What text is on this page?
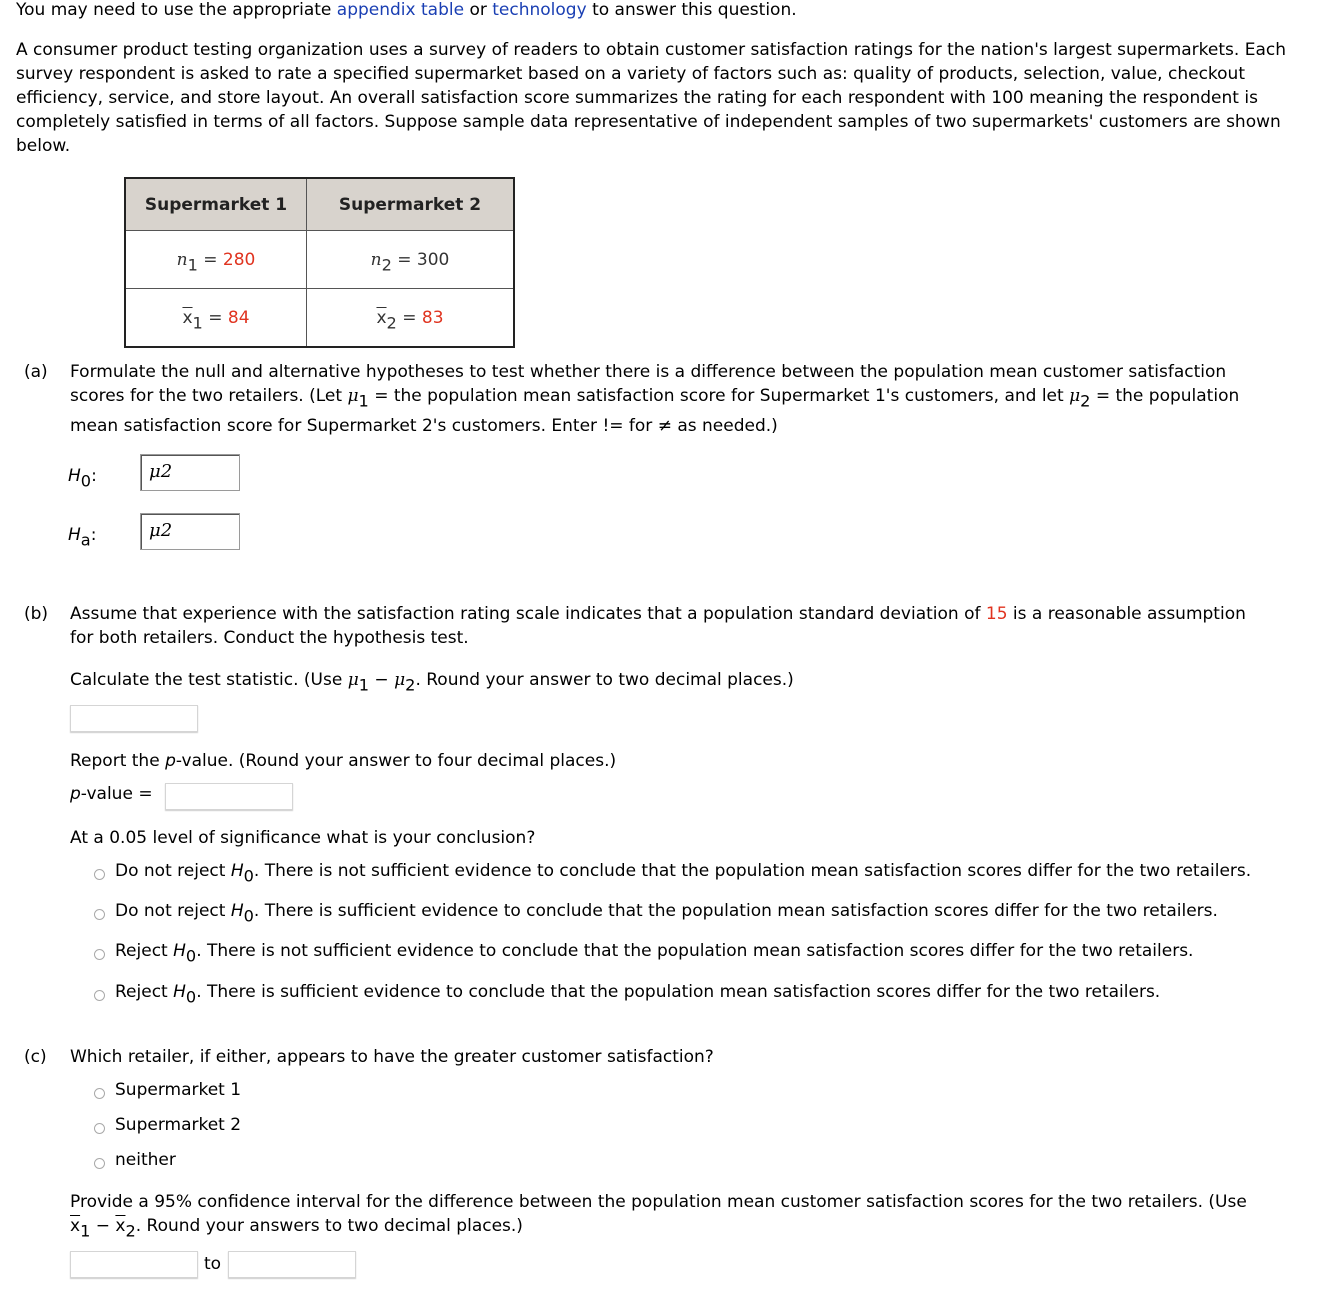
You may need to use the appropriate appendix table or technology to answer this question.
A consumer product testing organization uses a survey of readers to obtain customer satisfaction ratings for the nation's largest supermarkets. Each survey respondent is asked to rate a specified supermarket based on a variety of factors such as: quality of products, selection, value, checkout efficiency, service, and store layout. An overall satisfaction score summarizes the rating for each respondent with 100 meaning the respondent is completely satisfied in terms of all factors. Suppose sample data representative of independent samples of two supermarkets' customers are shown below.
Supermarket 1	Supermarket 2
$n_1 = 280$	$n_2 = 300$
$\overline{x}_1 = 84$	$\overline{x}_2 = 83$
(a) Formulate the null and alternative hypotheses to test whether there is a difference between the population mean customer satisfaction
scores for the two retailers. (Let $\mu_1$ = the population mean satisfaction score for Supermarket 1's customers, and let $\mu_2$ = the population
mean satisfaction score for Supermarket 2's customers. Enter != for ≠ as needed.)
$H_0$:	μ2
$H_a$:	μ2
(b) Assume that experience with the satisfaction rating scale indicates that a population standard deviation of 15 is a reasonable assumption
for both retailers. Conduct the hypothesis test.
Calculate the test statistic. (Use $\mu_1 - \mu_2$. Round your answer to two decimal places.)
Report the p-value. (Round your answer to four decimal places.)
p-value =
At a 0.05 level of significance what is your conclusion?
Do not reject $H_0$. There is not sufficient evidence to conclude that the population mean satisfaction scores differ for the two retailers.
Do not reject $H_0$. There is sufficient evidence to conclude that the population mean satisfaction scores differ for the two retailers.
Reject $H_0$. There is not sufficient evidence to conclude that the population mean satisfaction scores differ for the two retailers.
Reject $H_0$. There is sufficient evidence to conclude that the population mean satisfaction scores differ for the two retailers.
(c) Which retailer, if either, appears to have the greater customer satisfaction?
Supermarket 1
Supermarket 2
neither
Provide a 95% confidence interval for the difference between the population mean customer satisfaction scores for the two retailers. (Use
$\overline{x}_1 - \overline{x}_2$. Round your answers to two decimal places.)
to
